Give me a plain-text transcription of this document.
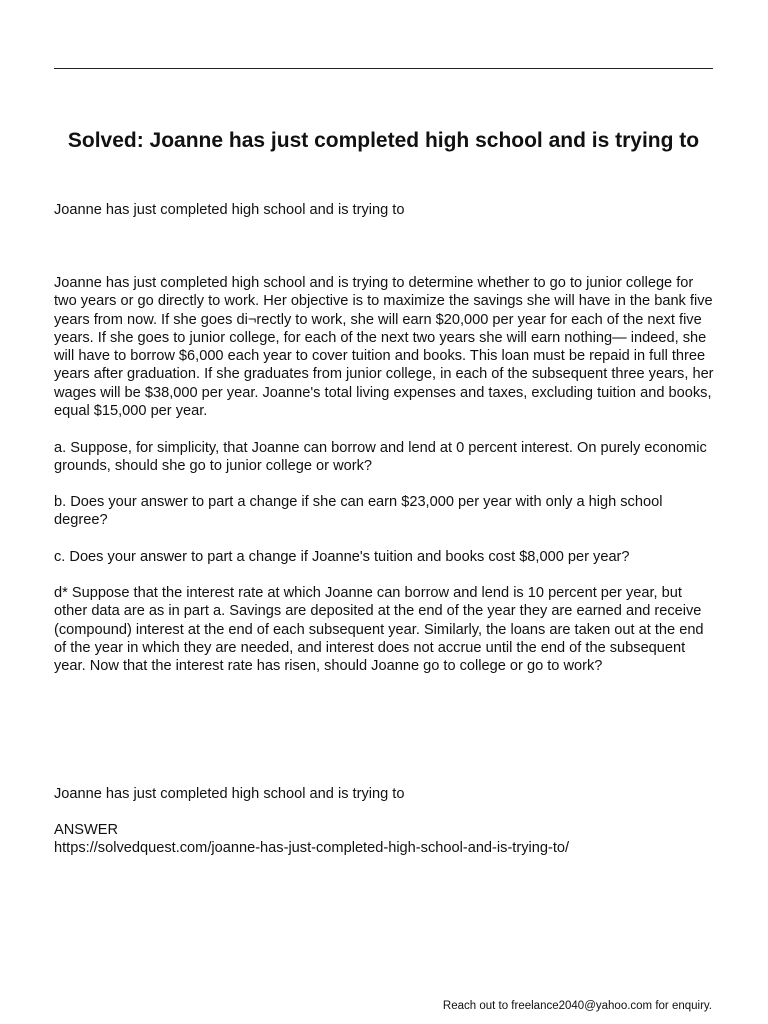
Solved: Joanne has just completed high school and is trying to

Joanne has just completed high school and is trying to

Joanne has just completed high school and is trying to determine whether to go to junior college for two years or go directly to work. Her objective is to maximize the savings she will have in the bank five years from now. If she goes di¬rectly to work, she will earn $20,000 per year for each of the next five years. If she goes to junior college, for each of the next two years she will earn nothing— indeed, she will have to borrow $6,000 each year to cover tuition and books. This loan must be repaid in full three years after graduation. If she graduates from junior college, in each of the subsequent three years, her wages will be $38,000 per year. Joanne's total living expenses and taxes, excluding tuition and books, equal $15,000 per year.

a. Suppose, for simplicity, that Joanne can borrow and lend at 0 percent interest. On purely economic grounds, should she go to junior college or work?

b. Does your answer to part a change if she can earn $23,000 per year with only a high school degree?

c. Does your answer to part a change if Joanne's tuition and books cost $8,000 per year?

d* Suppose that the interest rate at which Joanne can borrow and lend is 10 percent per year, but other data are as in part a. Savings are deposited at the end of the year they are earned and receive (compound) interest at the end of each subsequent year. Similarly, the loans are taken out at the end of the year in which they are needed, and interest does not accrue until the end of the subsequent year. Now that the interest rate has risen, should Joanne go to college or go to work?

Joanne has just completed high school and is trying to

ANSWER

https://solvedquest.com/joanne-has-just-completed-high-school-and-is-trying-to/

Reach out to freelance2040@yahoo.com for enquiry.
